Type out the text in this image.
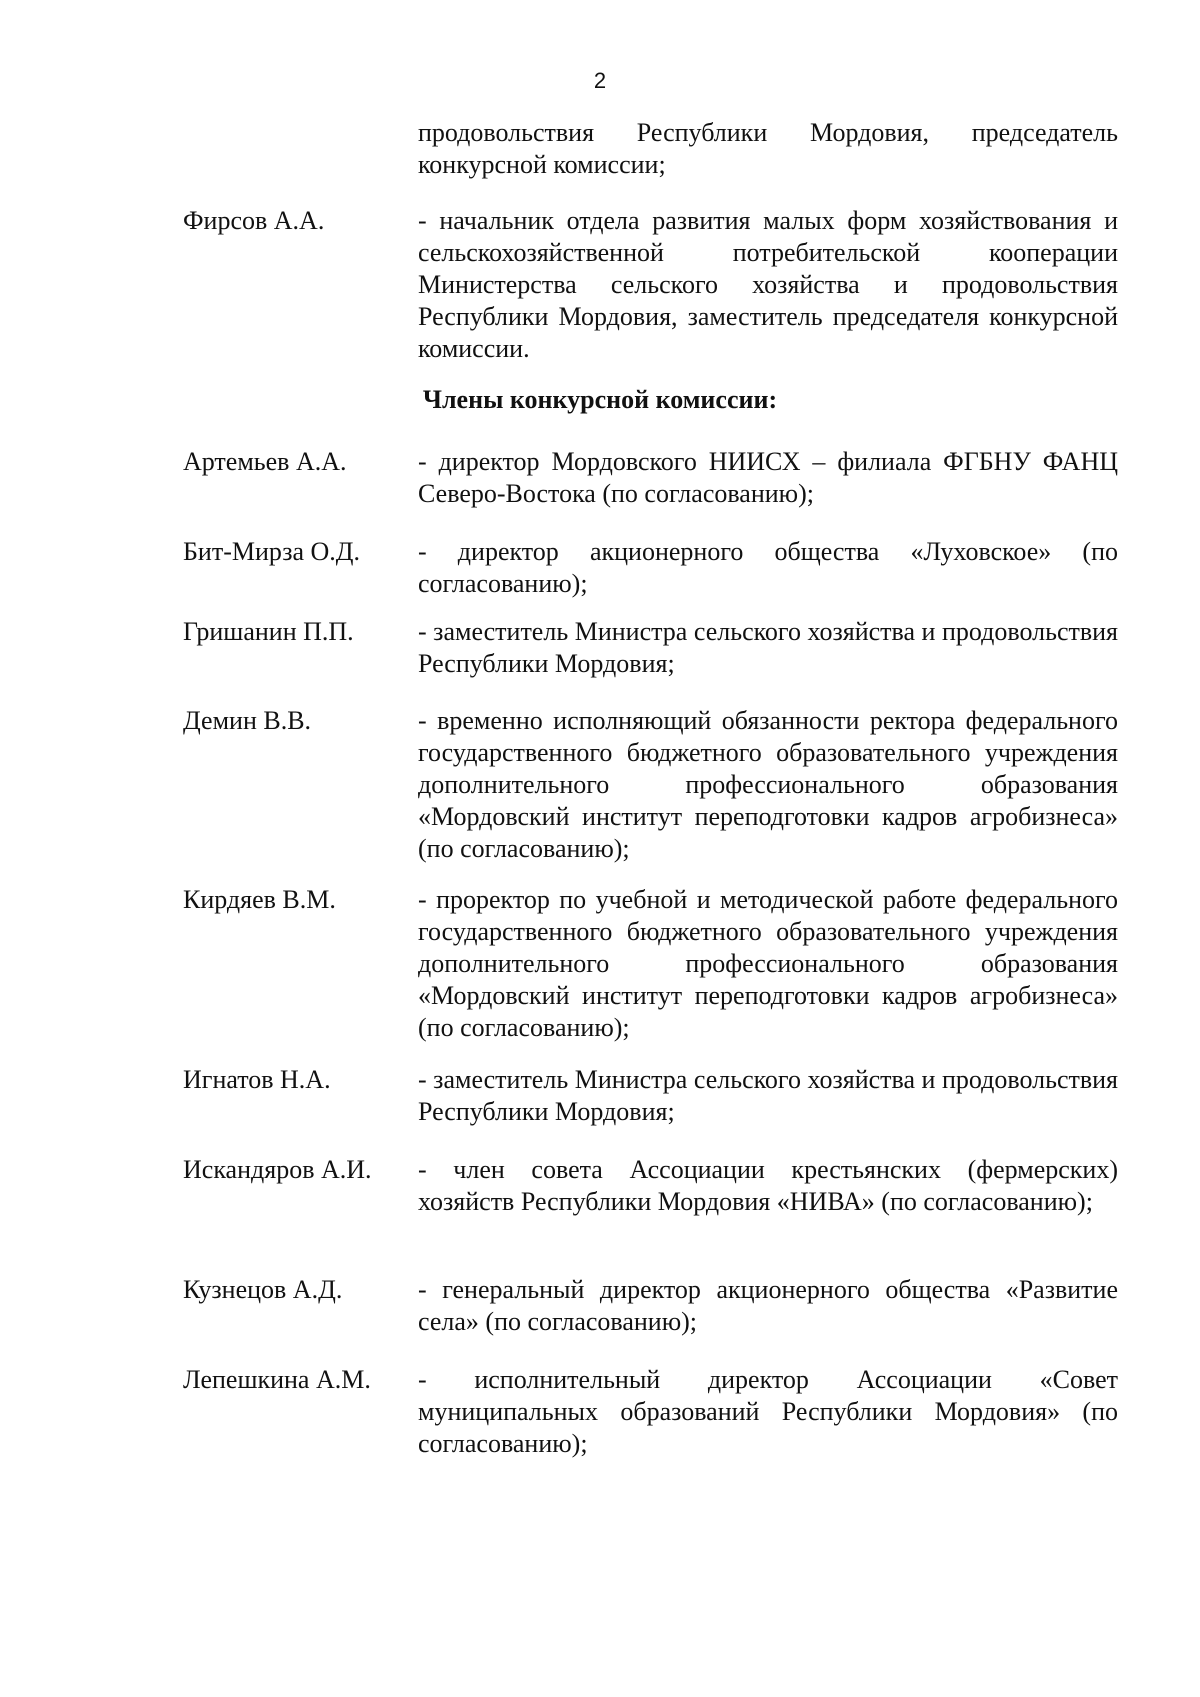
2
продовольствия Республики Мордовия, председатель конкурсной комиссии;
Фирсов А.А.	- начальник отдела развития малых форм хозяйствования и сельскохозяйственной потребительской кооперации Министерства сельского хозяйства и продовольствия Республики Мордовия, заместитель председателя конкурсной комиссии.
Члены конкурсной комиссии:
Артемьев А.А.	- директор Мордовского НИИСХ – филиала ФГБНУ ФАНЦ Северо-Востока (по согласованию);
Бит-Мирза О.Д. - директор акционерного общества «Луховское» (по согласованию);
Гришанин П.П. - заместитель Министра сельского хозяйства и продовольствия Республики Мордовия;
Демин В.В.	- временно исполняющий обязанности ректора федерального государственного бюджетного образовательного учреждения дополнительного профессионального образования «Мордовский институт переподготовки кадров агробизнеса» (по согласованию);
Кирдяев В.М.	- проректор по учебной и методической работе федерального государственного бюджетного образовательного учреждения дополнительного профессионального образования «Мордовский институт переподготовки кадров агробизнеса» (по согласованию);
Игнатов Н.А.	- заместитель Министра сельского хозяйства и продовольствия Республики Мордовия;
Искандяров А.И. - член совета Ассоциации крестьянских (фермерских) хозяйств Республики Мордовия «НИВА» (по согласованию);
Кузнецов А.Д.	- генеральный директор акционерного общества «Развитие села» (по согласованию);
Лепешкина А.М. - исполнительный директор Ассоциации «Совет муниципальных образований Республики Мордовия» (по согласованию);
